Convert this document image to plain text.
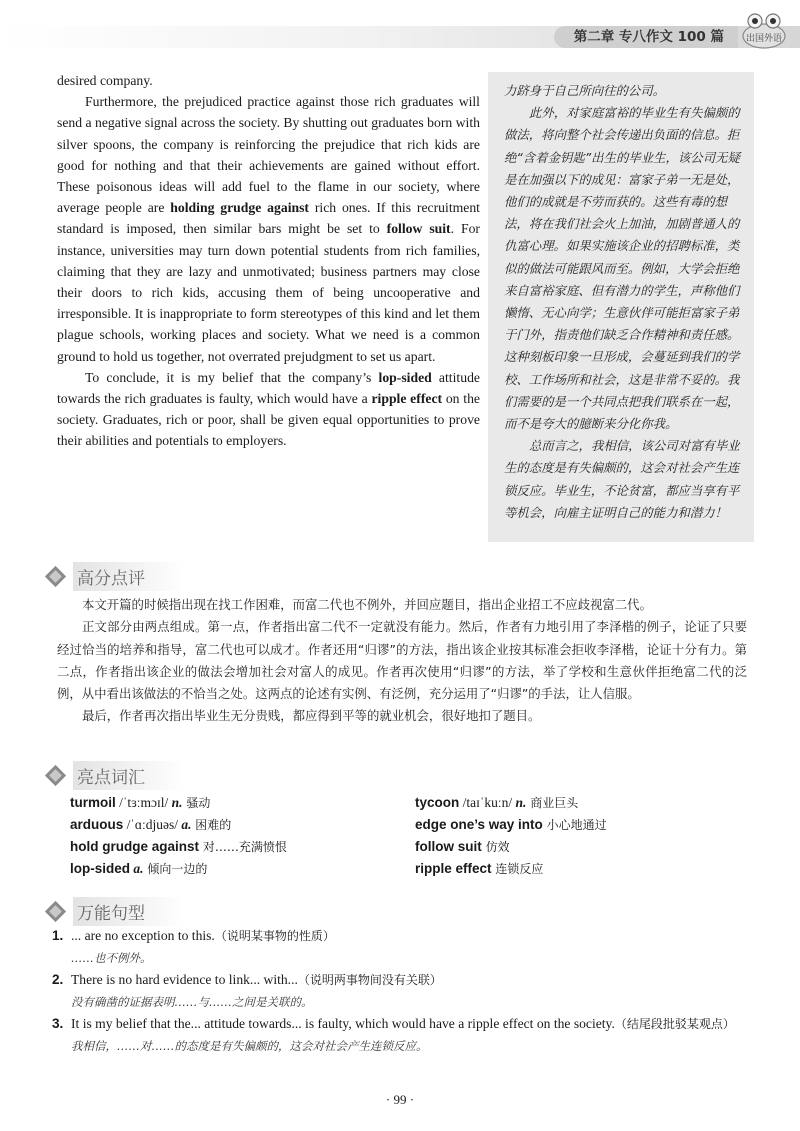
第二章 专八作文 100 篇	出国外语

desired company.

Furthermore, the prejudiced practice against those rich graduates will send a negative signal across the society. By shutting out graduates born with silver spoons, the company is reinforcing the prejudice that rich kids are good for nothing and that their achievements are gained without effort. These poisonous ideas will add fuel to the flame in our society, where average people are holding grudge against rich ones. If this recruitment standard is imposed, then similar bars might be set to follow suit. For instance, universities may turn down potential students from rich families, claiming that they are lazy and unmotivated; business partners may close their doors to rich kids, accusing them of being uncooperative and irresponsible. It is inappropriate to form stereotypes of this kind and let them plague schools, working places and society. What we need is a common ground to hold us together, not overrated prejudgment to set us apart.

To conclude, it is my belief that the company’s lop-sided attitude towards the rich graduates is faulty, which would have a ripple effect on the society. Graduates, rich or poor, shall be given equal opportunities to prove their abilities and potentials to employers.

力跻身于自己所向往的公司。

此外，对家庭富裕的毕业生有失偏颇的做法，将向整个社会传递出负面的信息。拒绝“含着金钥匙”出生的毕业生，该公司无疑是在加强以下的成见：富家子弟一无是处，他们的成就是不劳而获的。这些有毒的想法，将在我们社会火上加油，加剧普通人的仇富心理。如果实施该企业的招聘标准，类似的做法可能跟风而至。例如，大学会拒绝来自富裕家庭、但有潜力的学生，声称他们懒惰、无心向学；生意伙伴可能拒富家子弟于门外，指责他们缺乏合作精神和责任感。这种刻板印象一旦形成，会蔓延到我们的学校、工作场所和社会，这是非常不妥的。我们需要的是一个共同点把我们联系在一起，而不是夸大的臆断来分化你我。

总而言之，我相信，该公司对富有毕业生的态度是有失偏颇的，这会对社会产生连锁反应。毕业生，不论贫富，都应当享有平等机会，向雇主证明自己的能力和潜力！

高分点评

本文开篇的时候指出现在找工作困难，而富二代也不例外，并回应题目，指出企业招工不应歧视富二代。

正文部分由两点组成。第一点，作者指出富二代不一定就没有能力。然后，作者有力地引用了李泽楷的例子，论证了只要经过恰当的培养和指导，富二代也可以成才。作者还用“归谬”的方法，指出该企业按其标准会拒收李泽楷，论证十分有力。第二点，作者指出该企业的做法会增加社会对富人的成见。作者再次使用“归谬”的方法，举了学校和生意伙伴拒绝富二代的泛例，从中看出该做法的不恰当之处。这两点的论述有实例、有泛例，充分运用了“归谬”的手法，让人信服。

最后，作者再次指出毕业生无分贵贱，都应得到平等的就业机会，很好地扣了题目。

亮点词汇
turmoil /ˈtɜːmɔɪl/ n. 骚动	tycoon /taɪˈkuːn/ n. 商业巨头
arduous /ˈɑːdjuəs/ a. 困难的	edge one’s way into 小心地通过
hold grudge against 对……充满愤恨	follow suit 仿效
lop-sided a. 倾向一边的	ripple effect 连锁反应
万能句型
1. ... are no exception to this.（说明某事物的性质）
……也不例外。
2. There is no hard evidence to link... with...（说明两事物间没有关联）
没有确凿的证据表明……与……之间是关联的。
3. It is my belief that the... attitude towards... is faulty, which would have a ripple effect on the society.（结尾段批驳某观点）
我相信，……对……的态度是有失偏颇的，这会对社会产生连锁反应。
· 99 ·
